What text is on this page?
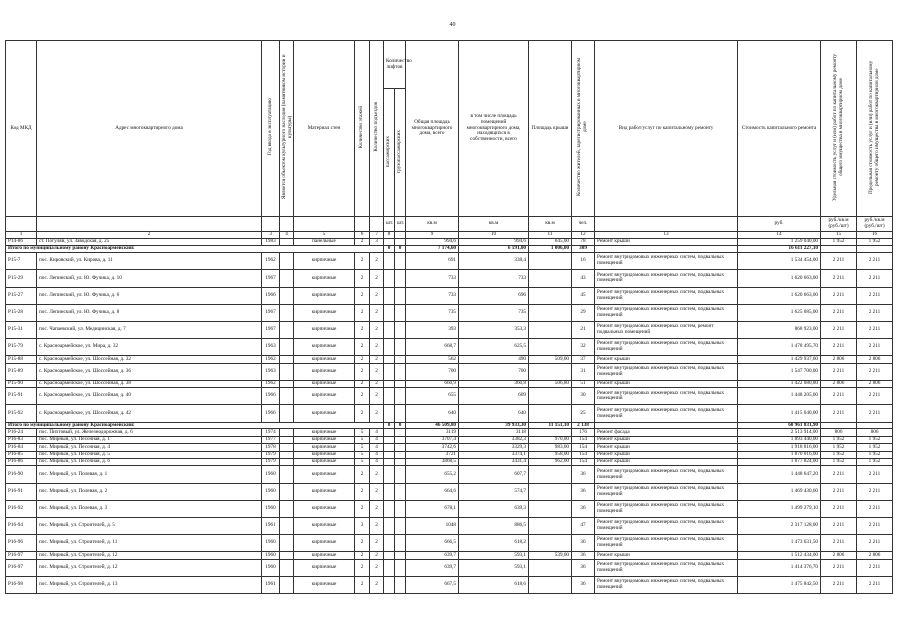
40
Код МКД	Адрес многоквартирного дома	Год ввода в эксплуатацию	Является объектом культурного наследия (памятником истории и культуры)	Материал стен	Количество этажей	Количество подъездов	Количество лифтов		Общая площадь многоквартирного дома, всего	в том числе площадь помещений многоквартирного дома, находящихся в собственности, всего	Площадь крыши	Количество жителей, зарегистрированных в многоквартирном доме	Вид работ/услуг по капитальному ремонту	Стоимость капитального ремонта	Удельная стоимость услуг и (или) работ по капитальному ремонту общего имущества в многоквартирном доме	Предельная стоимость услуг и (или) работ по капитальному ремонту общего имущества в многоквартирном доме
							пассажирских	грузопассажирских								
							шт.	шт.	кв.м	кв.м	кв.м	чел.		руб.	руб./кв.м (руб./шт)	руб./кв.м (руб./шт)
1	2	3	4	5	6	7	8		9	10	11	12	13	14	15	16
Р14-86	ст. Погуляй, ул. Заводская, д. 25	1983		панельные	2	3			994,6	994,6	645,00	78	Ремонт крыши	1 259 040,00	1 952	1 952
Итого по муниципальному району Красноармейский:							0	0	7 174,60	6 191,00	1 006,00	309		16 611 227,10		
Р15-7	пос. Кировский, ул. Кирова, д. 11	1962		кирпичные	2	2			691	338,4		16	Ремонт внутридомовых инженерных систем, подвальных помещений	1 534 454,00	2 211	2 211
Р15-29	пос. Лепинский, ул. Ю. Фучика, д. 10	1967		кирпичные	2	2			733	733		43	Ремонт внутридомовых инженерных систем, подвальных помещений	1 620 663,00	2 211	2 211
Р15-27	пос. Лепинский, ул. Ю. Фучика, д. 6	1966		кирпичные	2	2			733	696		45	Ремонт внутридомовых инженерных систем, подвальных помещений	1 620 663,00	2 211	2 211
Р15-28	пос. Лепинский, ул. Ю. Фучика, д. 8	1967		кирпичные	2	2			735	735		29	Ремонт внутридомовых инженерных систем, подвальных помещений	1 625 085,00	2 211	2 211
Р15-31	пос. Чапаевский, ул. Медицинская, д. 7	1967		кирпичные	2	2			393	353,3		21	Ремонт внутридомовых инженерных систем, ремонт подвальных помещений	868 923,00	2 211	2 211
Р15-79	с. Красноармейское, ул. Мира, д. 32	1963		кирпичные	2	2			668,7	625,5		32	Ремонт внутридомовых инженерных систем, подвальных помещений	1 478 495,70	2 211	2 211
Р15-88	с. Красноармейское, ул. Шоссейная, д. 32	1962		кирпичные	2	2			562	490	509,00	37	Ремонт крыши	1 429 937,60	2 806	2 806
Р15-89	с. Красноармейское, ул. Шоссейная, д. 36	1963		кирпичные	2	2			700	700		31	Ремонт внутридомовых инженерных систем, подвальных помещений	1 547 700,00	2 211	2 211
Р15-90	с. Красноармейское, ул. Шоссейная, д. 38	1962		кирпичные	2	2			660,9	360,8	506,80	51	Ремонт крыши	1 422 080,80	2 806	2 806
Р15-91	с. Красноармейское, ул. Шоссейная, д. 40	1966		кирпичные	2	2			655	609		30	Ремонт внутридомовых инженерных систем, подвальных помещений	1 448 205,00	2 211	2 211
Р15-92	с. Красноармейское, ул. Шоссейная, д. 42	1966		кирпичные	2	2			640	640		25	Ремонт внутридомовых инженерных систем, подвальных помещений	1 415 040,00	2 211	2 211
Итого по муниципальному району Красноармейский:							0	0	46 509,80	39 933,30	11 151,10	2 138		60 961 831,90		
Р16-24	пос. Пихтовый, ул. Железнодорожная, д. 6	1974		кирпичные	5	4			3119	3118		176	Ремонт фасада	2 513 914,00	806	806
Р16-83	пос. Мирный, ул. Песочная, д. 1	1977		кирпичные	5	4			3707,4	3382,3	970,00	154	Ремонт крыши	1 893 440,00	1 952	1 952
Р16-84	пос. Мирный, ул. Песочная, д. 4	1978		кирпичные	5	4			3742,6	3329,3	983,00	154	Ремонт крыши	1 918 816,00	1 952	1 952
Р16-85	пос. Мирный, ул. Песочная, д. 5	1979		кирпичные	5	4			3721	3374,1	958,00	154	Ремонт крыши	1 870 016,00	1 952	1 952
Р16-86	пос. Мирный, ул. Песочная, д. 6	1979		кирпичные	5	4			3868,5	3431,4	962,00	154	Ремонт крыши	1 877 824,00	1 952	1 952
Р16-90	пос. Мирный, ул. Полевая, д. 1	1960		кирпичные	2	2			655,2	607,7		36	Ремонт внутридомовых инженерных систем, подвальных помещений	1 448 647,20	2 211	2 211
Р16-91	пос. Мирный, ул. Полевая, д. 2	1960		кирпичные	2	2			664,6	574,7		36	Ремонт внутридомовых инженерных систем, подвальных помещений	1 469 430,60	2 211	2 211
Р16-92	пос. Мирный, ул. Полевая, д. 3	1960		кирпичные	2	2			678,1	639,3		36	Ремонт внутридомовых инженерных систем, подвальных помещений	1 499 279,10	2 211	2 211
Р16-94	пос. Мирный, ул. Строителей, д. 5	1961		кирпичные	3	2			1048	886,5		47	Ремонт внутридомовых инженерных систем, подвальных помещений	2 317 128,00	2 211	2 211
Р16-96	пос. Мирный, ул. Строителей, д. 11	1960		кирпичные	2	2			666,5	618,2		36	Ремонт внутридомовых инженерных систем, подвальных помещений	1 473 631,50	2 211	2 211
Р16-97	пос. Мирный, ул. Строителей, д. 12	1960		кирпичные	2	2			639,7	593,1	539,00	36	Ремонт крыши	1 512 434,00	2 806	2 806
Р16-97	пос. Мирный, ул. Строителей, д. 12	1960		кирпичные	2	2			639,7	593,1		36	Ремонт внутридомовых инженерных систем, подвальных помещений	1 414 376,70	2 211	2 211
Р16-98	пос. Мирный, ул. Строителей, д. 13	1961		кирпичные	2	2			667,5	618,6		36	Ремонт внутридомовых инженерных систем, подвальных помещений	1 475 842,50	2 211	2 211
